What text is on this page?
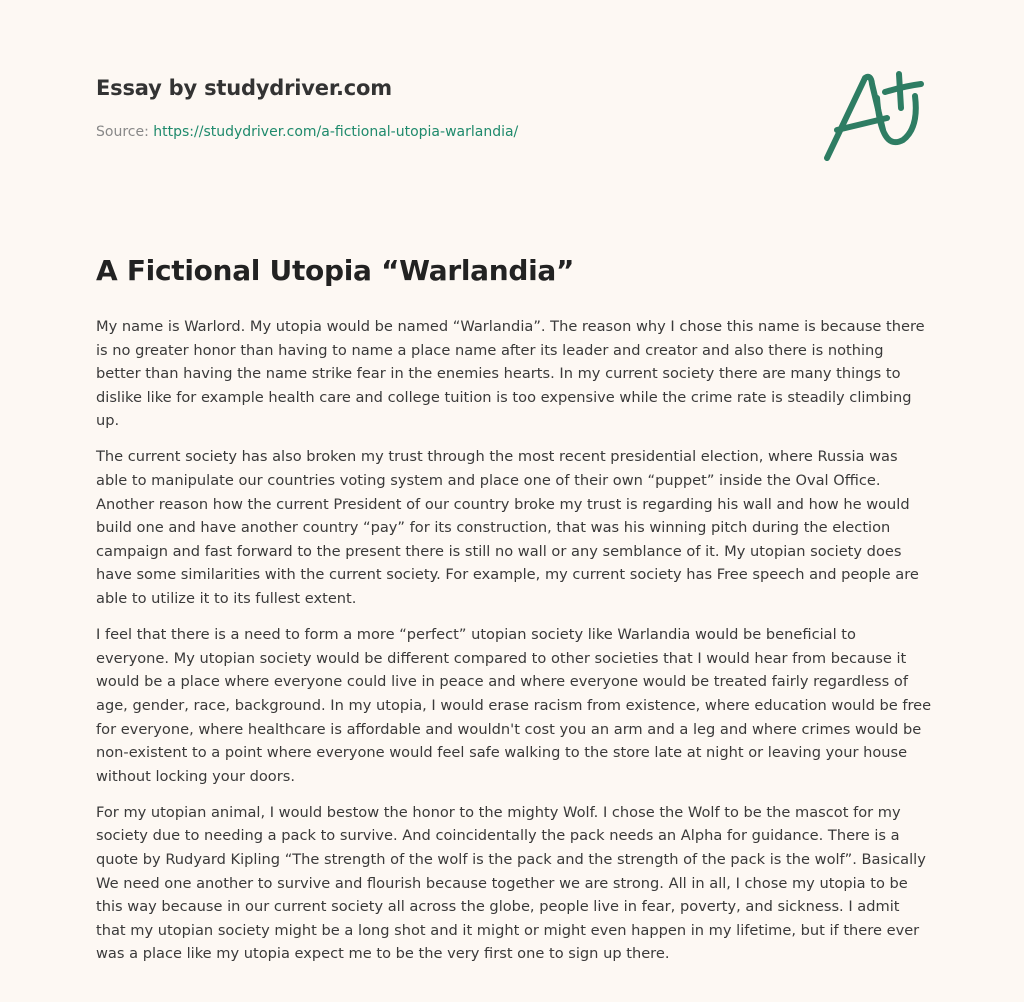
Essay by studydriver.com
Source: https://studydriver.com/a-fictional-utopia-warlandia/
A Fictional Utopia “Warlandia”

My name is Warlord. My utopia would be named “Warlandia”. The reason why I chose this name is because there is no greater honor than having to name a place name after its leader and creator and also there is nothing better than having the name strike fear in the enemies hearts. In my current society there are many things to dislike like for example health care and college tuition is too expensive while the crime rate is steadily climbing up.

The current society has also broken my trust through the most recent presidential election, where Russia was able to manipulate our countries voting system and place one of their own “puppet” inside the Oval Office. Another reason how the current President of our country broke my trust is regarding his wall and how he would build one and have another country “pay” for its construction, that was his winning pitch during the election campaign and fast forward to the present there is still no wall or any semblance of it. My utopian society does have some similarities with the current society. For example, my current society has Free speech and people are able to utilize it to its fullest extent.

I feel that there is a need to form a more “perfect” utopian society like Warlandia would be beneficial to everyone. My utopian society would be different compared to other societies that I would hear from because it would be a place where everyone could live in peace and where everyone would be treated fairly regardless of age, gender, race, background. In my utopia, I would erase racism from existence, where education would be free for everyone, where healthcare is affordable and wouldn't cost you an arm and a leg and where crimes would be non-existent to a point where everyone would feel safe walking to the store late at night or leaving your house without locking your doors.

For my utopian animal, I would bestow the honor to the mighty Wolf. I chose the Wolf to be the mascot for my society due to needing a pack to survive. And coincidentally the pack needs an Alpha for guidance. There is a quote by Rudyard Kipling “The strength of the wolf is the pack and the strength of the pack is the wolf”. Basically We need one another to survive and flourish because together we are strong. All in all, I chose my utopia to be this way because in our current society all across the globe, people live in fear, poverty, and sickness. I admit that my utopian society might be a long shot and it might or might even happen in my lifetime, but if there ever was a place like my utopia expect me to be the very first one to sign up there.
